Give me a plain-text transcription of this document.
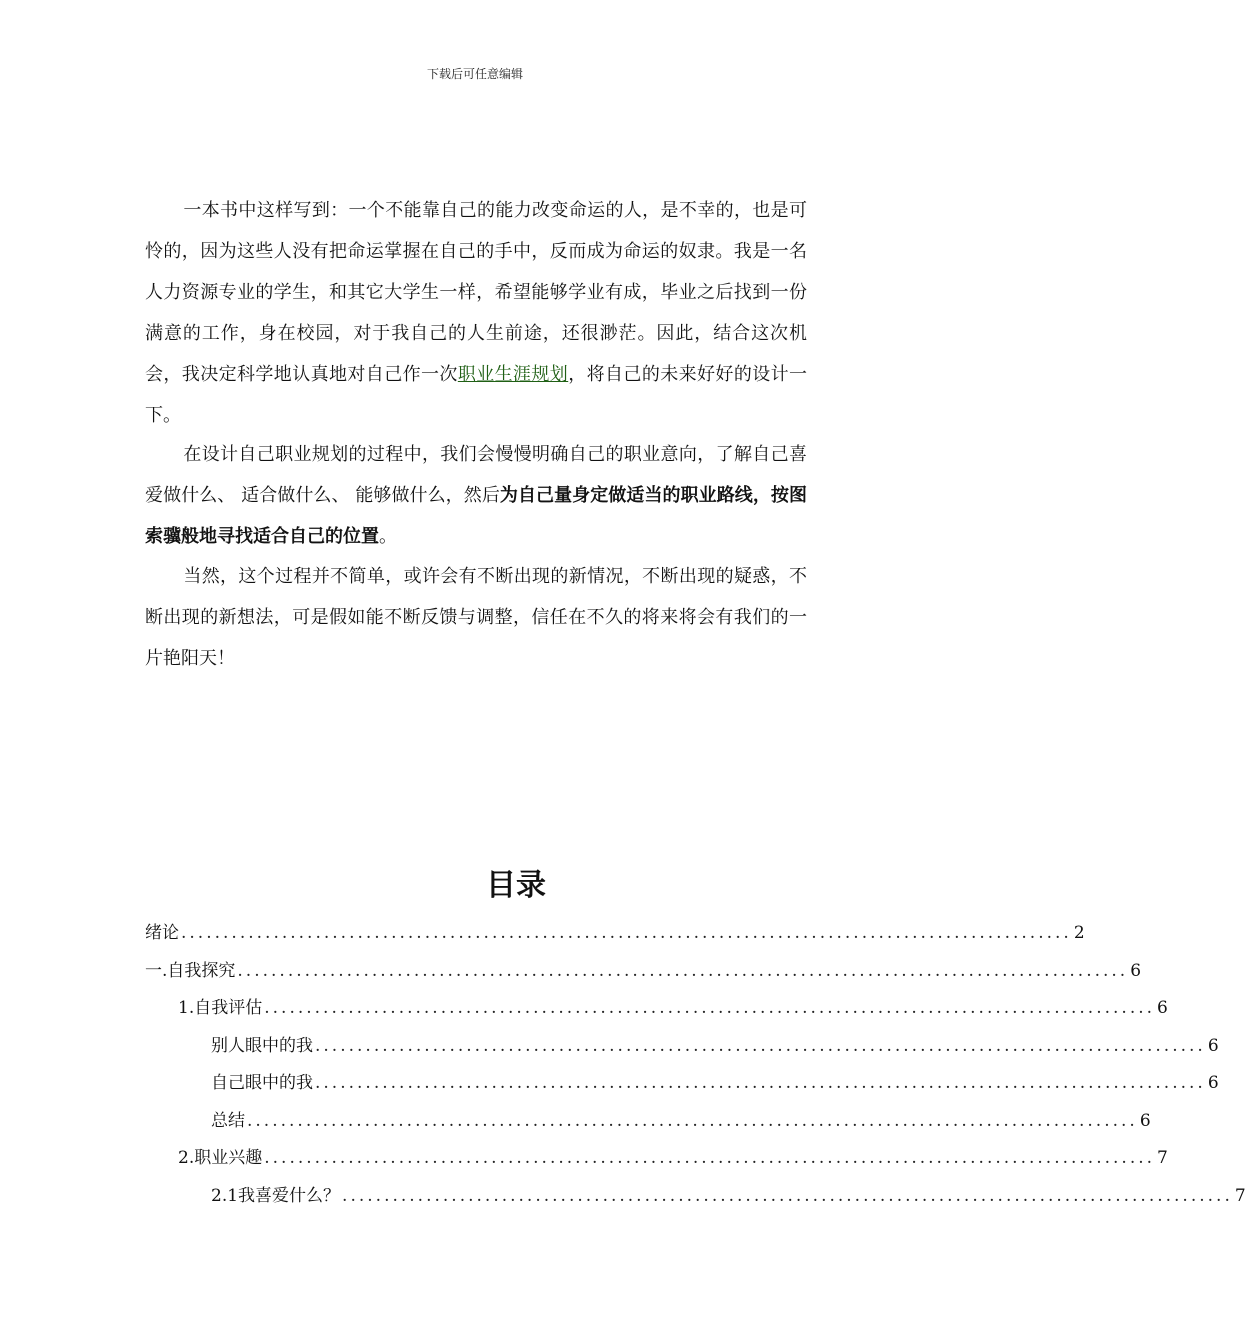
下载后可任意编辑

一本书中这样写到：一个不能靠自己的能力改变命运的人，是不幸的，也是可怜的，因为这些人没有把命运掌握在自己的手中，反而成为命运的奴隶。我是一名人力资源专业的学生，和其它大学生一样，希望能够学业有成，毕业之后找到一份满意的工作，身在校园，对于我自己的人生前途，还很渺茫。因此，结合这次机会，我决定科学地认真地对自己作一次职业生涯规划，将自己的未来好好的设计一下。

在设计自己职业规划的过程中，我们会慢慢明确自己的职业意向，了解自己喜爱做什么、 适合做什么、 能够做什么，然后为自己量身定做适当的职业路线，按图索骥般地寻找适合自己的位置。

当然，这个过程并不简单，或许会有不断出现的新情况，不断出现的疑惑，不断出现的新想法，可是假如能不断反馈与调整，信任在不久的将来将会有我们的一片艳阳天！

目录
绪论 .......................................................................................................... 2
一.自我探究 .......................................................................................................... 6
1.自我评估 .......................................................................................................... 6
别人眼中的我 .......................................................................................................... 6
自己眼中的我 .......................................................................................................... 6
总结 .......................................................................................................... 6
2.职业兴趣 .......................................................................................................... 7
2.1我喜爱什么？ .......................................................................................................... 7
